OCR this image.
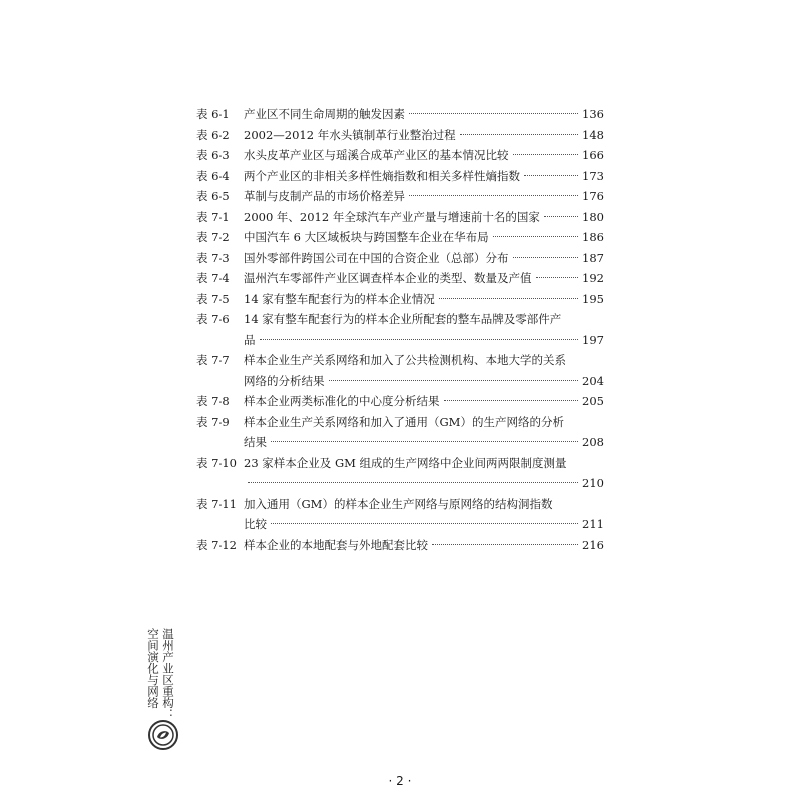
表 6-1	产业区不同生命周期的触发因素	136
表 6-2	2002—2012 年水头镇制革行业整治过程	148
表 6-3	水头皮革产业区与瑶溪合成革产业区的基本情况比较	166
表 6-4	两个产业区的非相关多样性熵指数和相关多样性熵指数	173
表 6-5	革制与皮制产品的市场价格差异	176
表 7-1	2000 年、2012 年全球汽车产业产量与增速前十名的国家	180
表 7-2	中国汽车 6 大区域板块与跨国整车企业在华布局	186
表 7-3	国外零部件跨国公司在中国的合资企业（总部）分布	187
表 7-4	温州汽车零部件产业区调查样本企业的类型、数量及产值	192
表 7-5	14 家有整车配套行为的样本企业情况	195
表 7-6	14 家有整车配套行为的样本企业所配套的整车品牌及零部件产
品	197
表 7-7	样本企业生产关系网络和加入了公共检测机构、本地大学的关系
网络的分析结果	204
表 7-8	样本企业两类标准化的中心度分析结果	205
表 7-9	样本企业生产关系网络和加入了通用（GM）的生产网络的分析
结果	208
表 7-10 23 家样本企业及 GM 组成的生产网络中企业间两两限制度测量
210
表 7-11 加入通用（GM）的样本企业生产网络与原网络的结构洞指数
比较	211
表 7-12 样本企业的本地配套与外地配套比较	216
温州产业区重构：
空间演化与网络
· 2 ·
